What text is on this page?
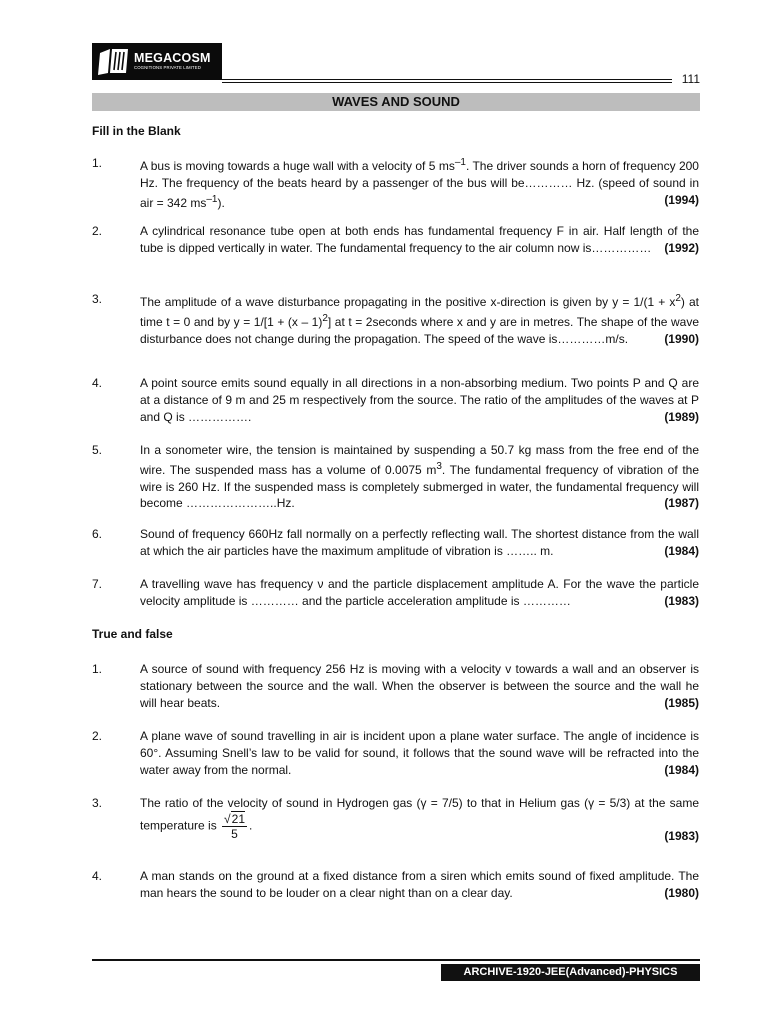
MEGACOSM
COGNITIONS PRIVATE LIMITED
111
WAVES AND SOUND
Fill in the Blank
1.	A bus is moving towards a huge wall with a velocity of 5 $ms^{-1}$. The driver sounds a horn of frequency 200 Hz. The frequency of the beats heard by a passenger of the bus will be………… Hz. (speed of sound in air = 342 $ms^{-1}$).	(1994)
2.	A cylindrical resonance tube open at both ends has fundamental frequency F in air. Half length of the tube is dipped vertically in water. The fundamental frequency to the air column now is…………… (1992)
3.	The amplitude of a wave disturbance propagating in the positive x-direction is given by $y = 1/(1 + x^2)$ at time t = 0 and by y = 1/[1 + (x – 1)$^2$] at t = 2seconds where x and y are in metres. The shape of the wave disturbance does not change during the propagation. The speed of the wave is…………m/s.	(1990)
4.	A point source emits sound equally in all directions in a non-absorbing medium. Two points P and Q are at a distance of 9 m and 25 m respectively from the source. The ratio of the amplitudes of the waves at P and Q is …………….	(1989)
5.	In a sonometer wire, the tension is maintained by suspending a 50.7 kg mass from the free end of the wire. The suspended mass has a volume of 0.0075 $m^3$. The fundamental frequency of vibration of the wire is 260 Hz. If the suspended mass is completely submerged in water, the fundamental frequency will become …………………..Hz.	(1987)
6.	Sound of frequency 660Hz fall normally on a perfectly reflecting wall. The shortest distance from the wall at which the air particles have the maximum amplitude of vibration is …….. m.	(1984)
7.	A travelling wave has frequency ν and the particle displacement amplitude A. For the wave the particle velocity amplitude is ………… and the particle acceleration amplitude is …………	(1983)
True and false
1.	A source of sound with frequency 256 Hz is moving with a velocity v towards a wall and an observer is stationary between the source and the wall. When the observer is between the source and the wall he will hear beats.	(1985)
2.	A plane wave of sound travelling in air is incident upon a plane water surface. The angle of incidence is 60°. Assuming Snell’s law to be valid for sound, it follows that the sound wave will be refracted into the water away from the normal.	(1984)
3.	The ratio of the velocity of sound in Hydrogen gas (γ = 7/5) to that in Helium gas (γ = 5/3) at the same temperature is $\frac{√21}{5}$ .
(1983)
4.	A man stands on the ground at a fixed distance from a siren which emits sound of fixed amplitude. The man hears the sound to be louder on a clear night than on a clear day.	(1980)
ARCHIVE-1920-JEE(Advanced)-PHYSICS
